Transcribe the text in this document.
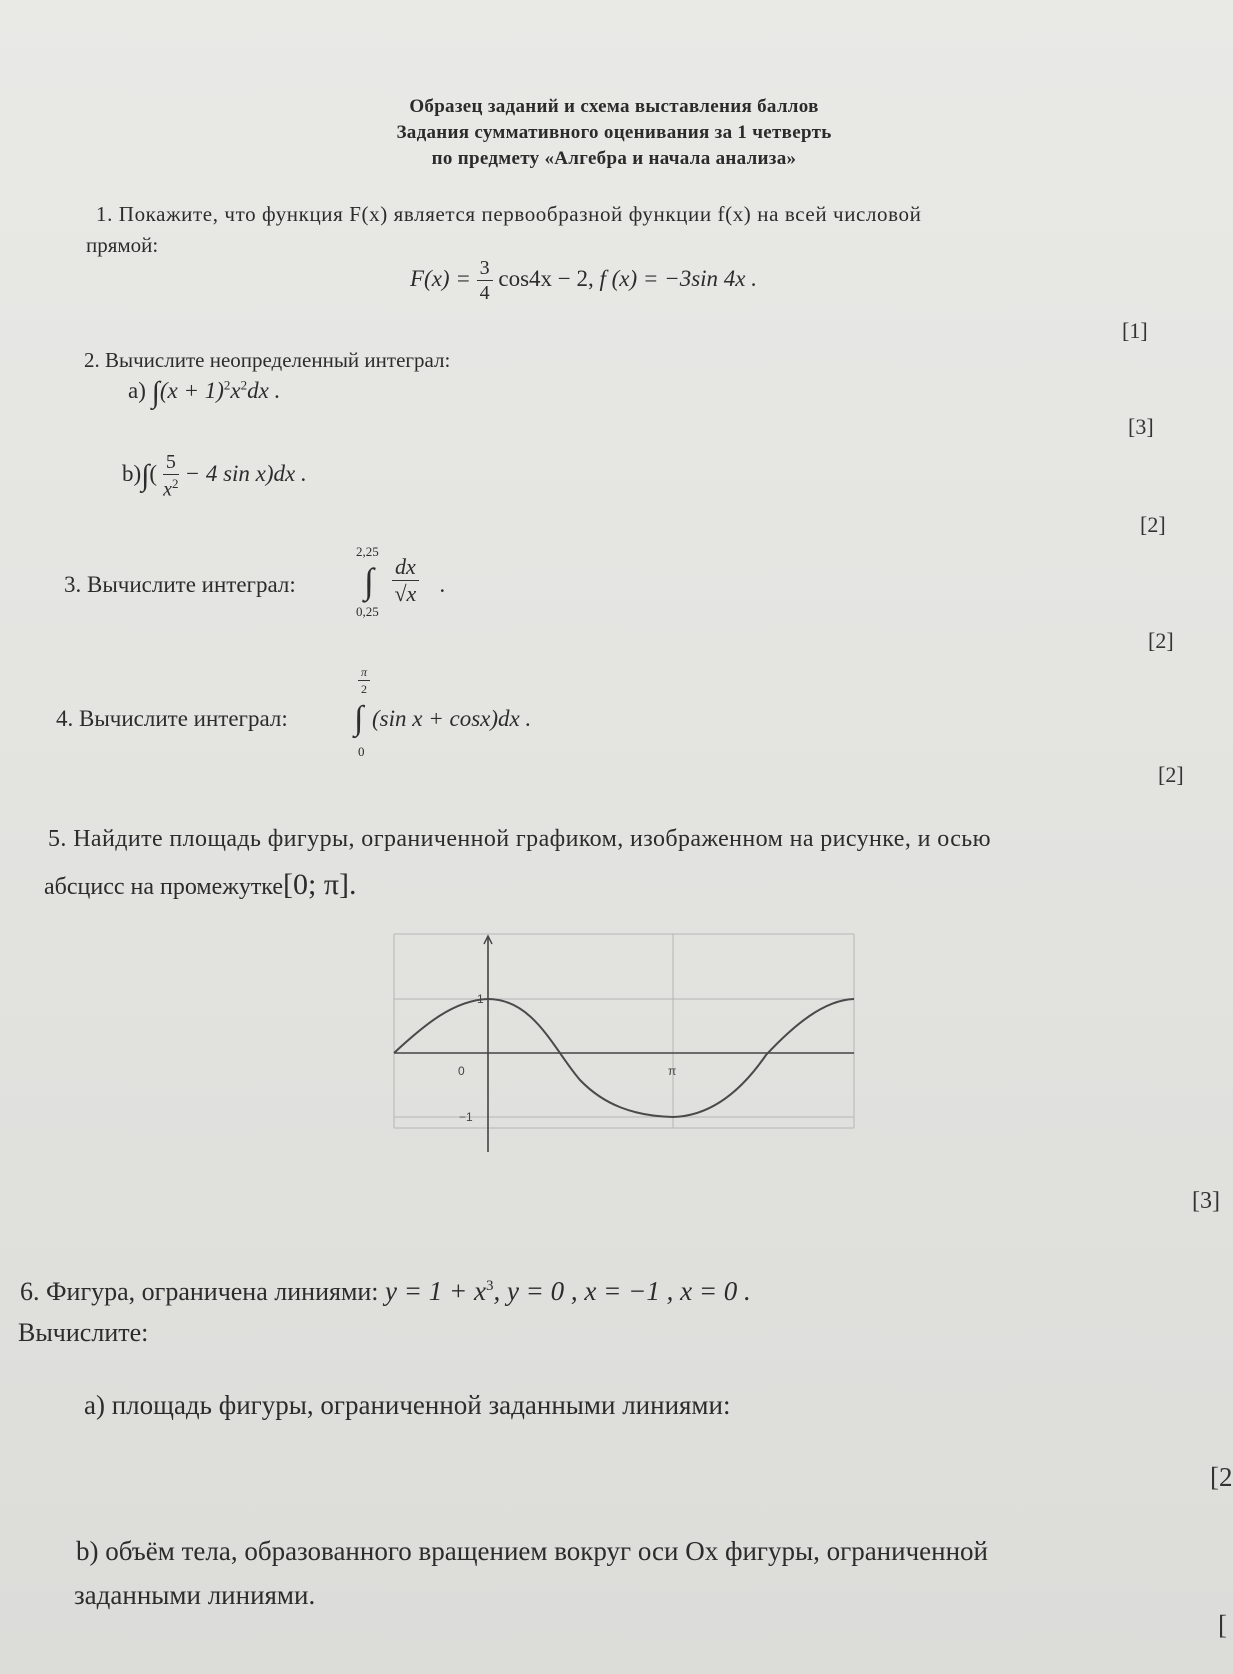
Образец заданий и схема выставления баллов
Задания суммативного оценивания за 1 четверть
по предмету «Алгебра и начала анализа»
1. Покажите, что функция F(x) является первообразной функции f(x) на всей числовой
прямой:
$F(x) = \frac{3}{4} \cos 4x - 2$, f (x) = −3sin 4x .
[1]
2. Вычислите неопределенный интеграл:
a) $\int(x + 1)^2x^2dx$ .
[3]
$b)\int( \frac{5}{x^2} - 4$ sin x)dx .
[2]
3. Вычислите интеграл:
2,25
∫
0,25
$\frac{dx}{√x}$ .
[2]
4. Вычислите интеграл:
$\frac{\pi}{2}$
∫
0
(sin x + cosx)dx .
[2]
5. Найдите площадь фигуры, ограниченной графиком, изображенном на рисунке, и осью
абсцисс на промежутке[0; π].
1
0	π
−1
[3]
6. Фигура, ограничена линиями: $y = 1 + x^3$, y = 0 , x = −1 , x = 0 .
Вычислите:
a) площадь фигуры, ограниченной заданными линиями:
[2
b) объём тела, образованного вращением вокруг оси Ox фигуры, ограниченной
заданными линиями.
[
